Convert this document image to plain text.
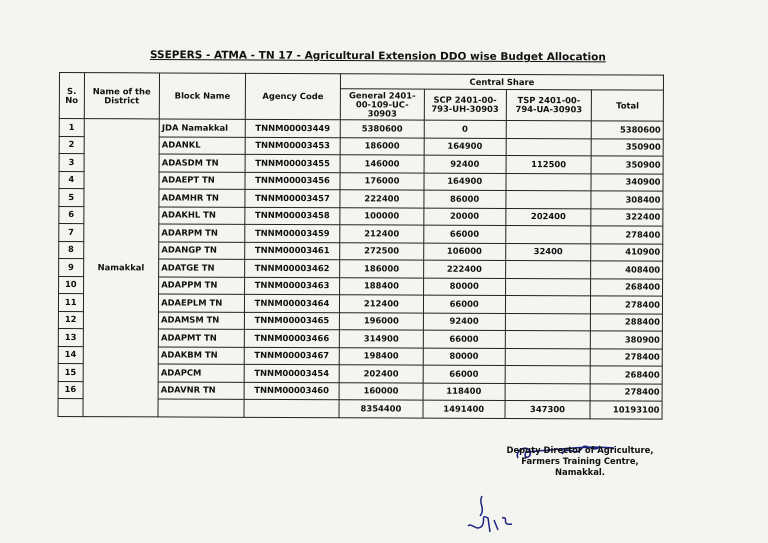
SSEPERS - ATMA - TN 17 - Agricultural Extension DDO wise Budget Allocation
S. No	Name of the District	Block Name	Agency Code	Central Share			
				General 2401-00-109-UC-30903	SCP 2401-00-793-UH-30903	TSP 2401-00-794-UA-30903	Total
1	Namakkal	JDA Namakkal	TNNM00003449	5380600	0		5380600
2		ADANKL	TNNM00003453	186000	164900		350900
3		ADASDM TN	TNNM00003455	146000	92400	112500	350900
4		ADAEPT TN	TNNM00003456	176000	164900		340900
5		ADAMHR TN	TNNM00003457	222400	86000		308400
6		ADAKHL TN	TNNM00003458	100000	20000	202400	322400
7		ADARPM TN	TNNM00003459	212400	66000		278400
8		ADANGP TN	TNNM00003461	272500	106000	32400	410900
9		ADATGE TN	TNNM00003462	186000	222400		408400
10		ADAPPM TN	TNNM00003463	188400	80000		268400
11		ADAEPLM TN	TNNM00003464	212400	66000		278400
12		ADAMSM TN	TNNM00003465	196000	92400		288400
13		ADAPMT TN	TNNM00003466	314900	66000		380900
14		ADAKBM TN	TNNM00003467	198400	80000		278400
15		ADAPCM	TNNM00003454	202400	66000		268400
16		ADAVNR TN	TNNM00003460	160000	118400		278400
				8354400	1491400	347300	10193100
Deputy Director of Agriculture,
Farmers Training Centre,
Namakkal.
